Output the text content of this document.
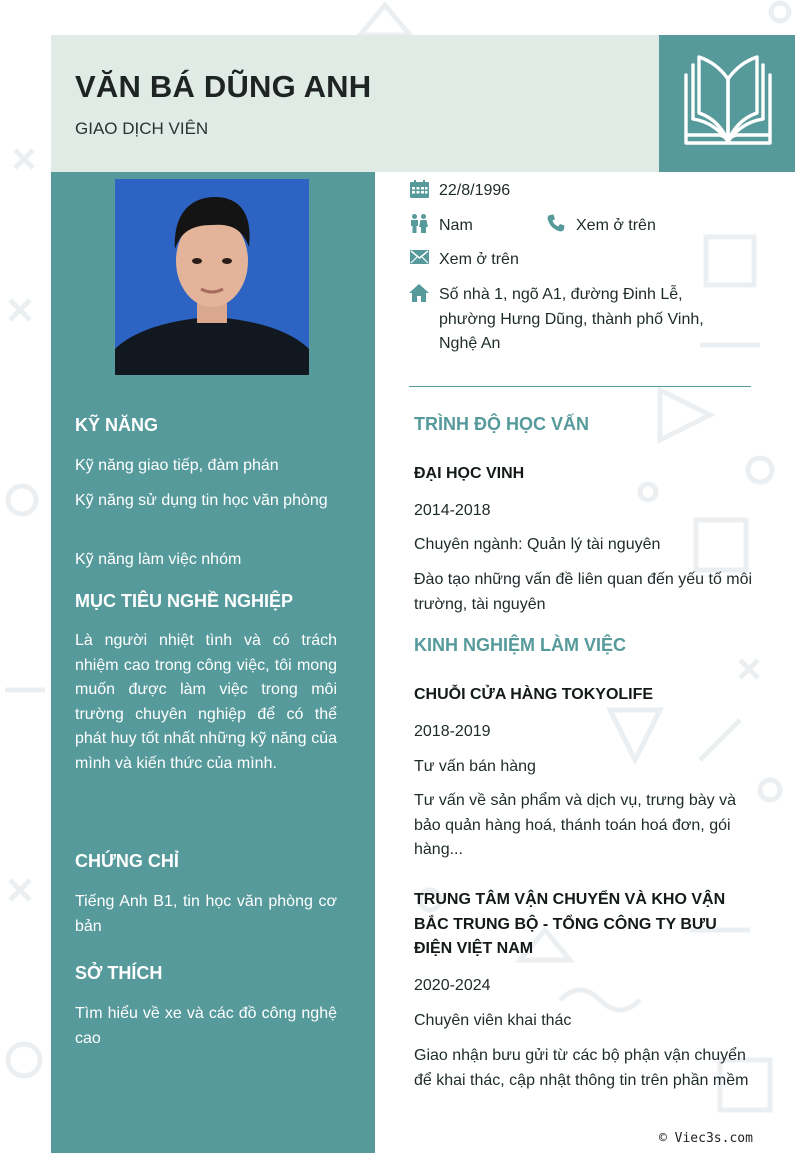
VĂN BÁ DŨNG ANH
GIAO DỊCH VIÊN
KỸ NĂNG
Kỹ năng giao tiếp, đàm phán
Kỹ năng sử dụng tin học văn phòng
Kỹ năng làm việc nhóm
MỤC TIÊU NGHỀ NGHIỆP
Là người nhiệt tình và có trách nhiệm cao trong công việc, tôi mong muốn được làm việc trong môi trường chuyên nghiệp để có thể phát huy tốt nhất những kỹ năng của mình và kiến thức của mình.
CHỨNG CHỈ
Tiếng Anh B1, tin học văn phòng cơ bản
SỞ THÍCH
Tìm hiểu về xe và các đồ công nghệ cao
22/8/1996
Nam	Xem ở trên
Xem ở trên
Số nhà 1, ngõ A1, đường Đinh Lễ, phường Hưng Dũng, thành phố Vinh, Nghệ An
TRÌNH ĐỘ HỌC VẤN
ĐẠI HỌC VINH
2014-2018
Chuyên ngành: Quản lý tài nguyên
Đào tạo những vấn đề liên quan đến yếu tố môi trường, tài nguyên
KINH NGHIỆM LÀM VIỆC
CHUỖI CỬA HÀNG TOKYOLIFE
2018-2019
Tư vấn bán hàng
Tư vấn về sản phẩm và dịch vụ, trưng bày và bảo quản hàng hoá, thánh toán hoá đơn, gói hàng...
TRUNG TÂM VẬN CHUYỂN VÀ KHO VẬN BẮC TRUNG BỘ - TỔNG CÔNG TY BƯU ĐIỆN VIỆT NAM
2020-2024
Chuyên viên khai thác
Giao nhận bưu gửi từ các bộ phận vận chuyển để khai thác, cập nhật thông tin trên phần mềm
© Viec3s.com
